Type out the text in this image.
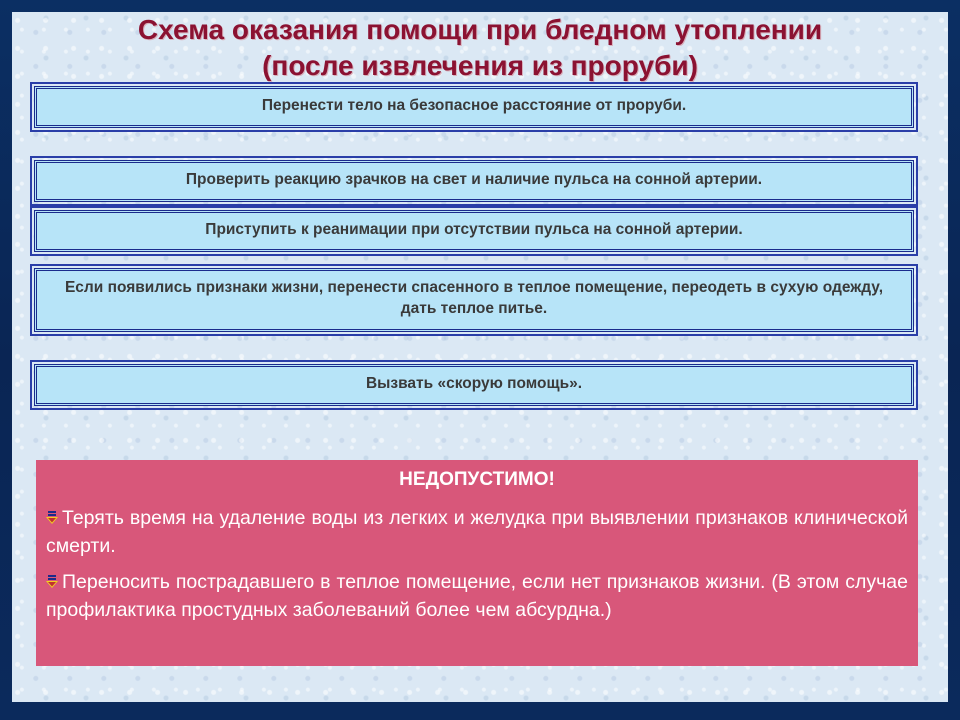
Схема оказания помощи при бледном утоплении
(после извлечения из проруби)
Перенести тело на безопасное расстояние от проруби.
Проверить реакцию зрачков на свет и наличие пульса на сонной артерии.
Приступить к реанимации при отсутствии пульса на сонной артерии.
Если появились признаки жизни, перенести спасенного в теплое помещение, переодеть в сухую одежду, дать теплое питье.
Вызвать «скорую помощь».
НЕДОПУСТИМО!
Терять время на удаление воды из легких и желудка при выявлении признаков клинической смерти.
Переносить пострадавшего в теплое помещение, если нет признаков жизни. (В этом случае профилактика простудных заболеваний более чем абсурдна.)
